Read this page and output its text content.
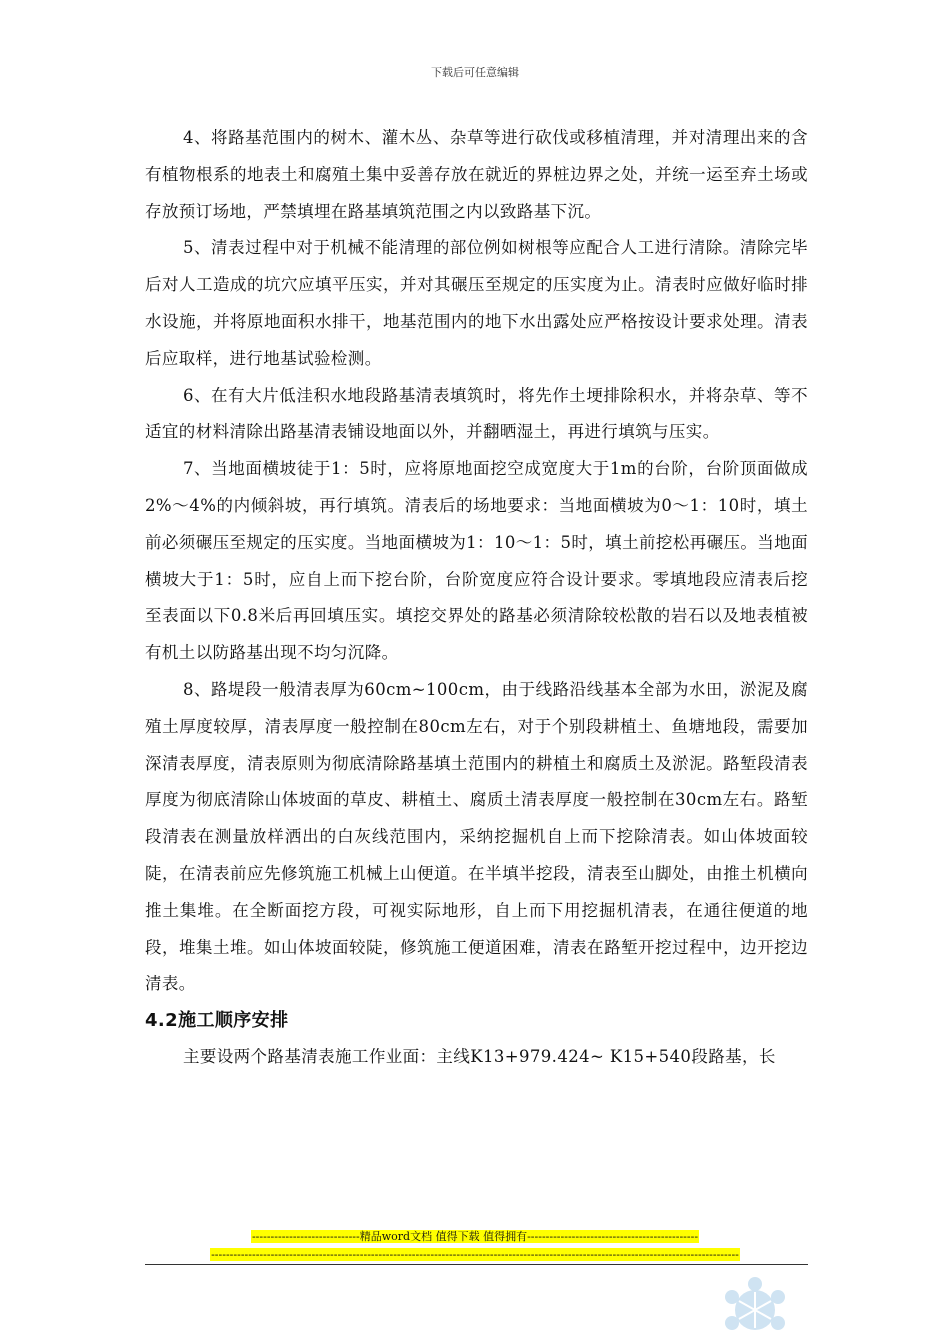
下载后可任意编辑

4、将路基范围内的树木、灌木丛、杂草等进行砍伐或移植清理，并对清理出来的含有植物根系的地表土和腐殖土集中妥善存放在就近的界桩边界之处，并统一运至弃土场或存放预订场地，严禁填埋在路基填筑范围之内以致路基下沉。

5、清表过程中对于机械不能清理的部位例如树根等应配合人工进行清除。清除完毕后对人工造成的坑穴应填平压实，并对其碾压至规定的压实度为止。清表时应做好临时排水设施，并将原地面积水排干，地基范围内的地下水出露处应严格按设计要求处理。清表后应取样，进行地基试验检测。

6、在有大片低洼积水地段路基清表填筑时，将先作土埂排除积水，并将杂草、等不适宜的材料清除出路基清表铺设地面以外，并翻晒湿土，再进行填筑与压实。

7、当地面横坡徒于1：5时，应将原地面挖空成宽度大于1m的台阶，台阶顶面做成2%～4%的内倾斜坡，再行填筑。清表后的场地要求：当地面横坡为0～1：10时，填土前必须碾压至规定的压实度。当地面横坡为1：10～1：5时，填土前挖松再碾压。当地面横坡大于1：5时，应自上而下挖台阶，台阶宽度应符合设计要求。零填地段应清表后挖至表面以下0.8米后再回填压实。填挖交界处的路基必须清除较松散的岩石以及地表植被有机土以防路基出现不均匀沉降。

8、路堤段一般清表厚为60cm~100cm，由于线路沿线基本全部为水田，淤泥及腐殖土厚度较厚，清表厚度一般控制在80cm左右，对于个别段耕植土、鱼塘地段，需要加深清表厚度，清表原则为彻底清除路基填土范围内的耕植土和腐质土及淤泥。路堑段清表厚度为彻底清除山体坡面的草皮、耕植土、腐质土清表厚度一般控制在30cm左右。路堑段清表在测量放样洒出的白灰线范围内，采纳挖掘机自上而下挖除清表。如山体坡面较陡，在清表前应先修筑施工机械上山便道。在半填半挖段，清表至山脚处，由推土机横向推土集堆。在全断面挖方段，可视实际地形，自上而下用挖掘机清表，在通往便道的地段，堆集土堆。如山体坡面较陡，修筑施工便道困难，清表在路堑开挖过程中，边开挖边清表。

4.2施工顺序安排

主要设两个路基清表施工作业面：主线K13+979.424~ K15+540段路基，长

-----------------------------精品word文档 值得下载 值得拥有----------------------------------------------
----------------------------------------------------------------------------------------------------------------------------------------------
